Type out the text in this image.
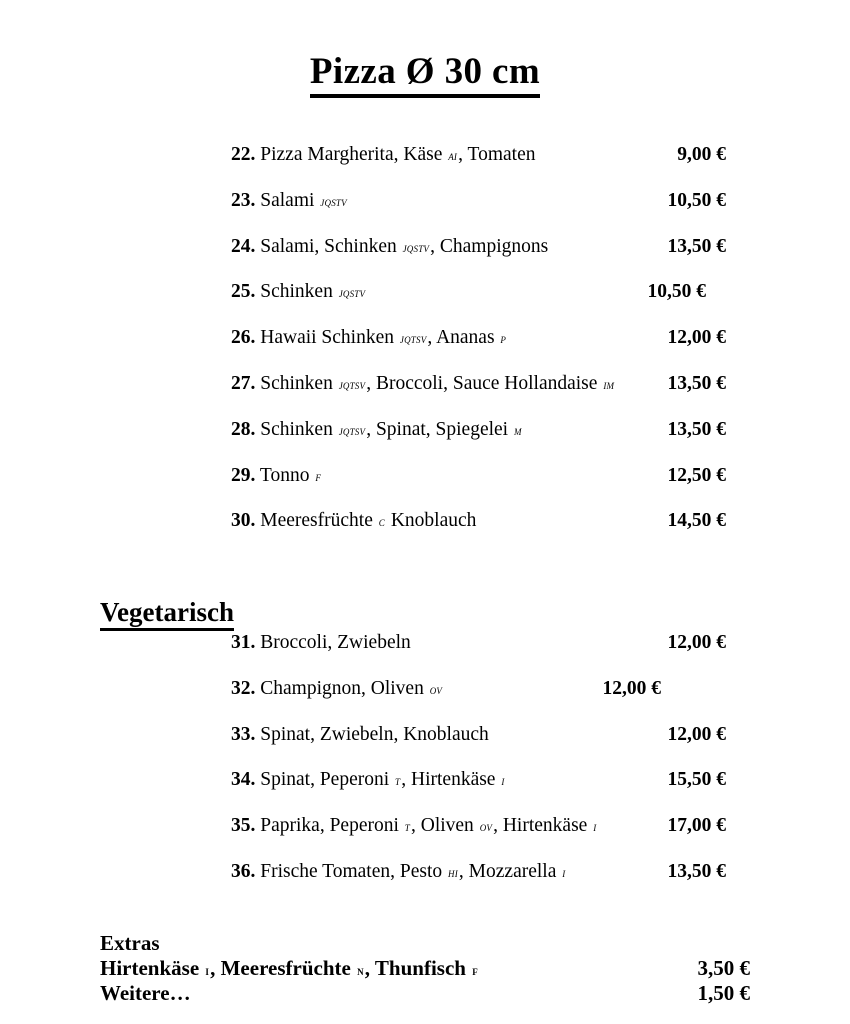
Pizza Ø 30 cm
22. Pizza Margherita, Käse ai, Tomaten	9,00 €
23. Salami jqstv	10,50 €
24. Salami, Schinken jqstv, Champignons	13,50 €
25. Schinken jqstv	10,50 €
26. Hawaii Schinken jqtsv, Ananas p	12,00 €
27. Schinken jqtsv, Broccoli, Sauce Hollandaise im	13,50 €
28. Schinken jqtsv, Spinat, Spiegelei m	13,50 €
29. Tonno f	12,50 €
30. Meeresfrüchte c Knoblauch	14,50 €
Vegetarisch
31. Broccoli, Zwiebeln	12,00 €
32. Champignon, Oliven ov	12,00 €
33. Spinat, Zwiebeln, Knoblauch	12,00 €
34. Spinat, Peperoni t, Hirtenkäse i	15,50 €
35. Paprika, Peperoni t, Oliven ov, Hirtenkäse i	17,00 €
36. Frische Tomaten, Pesto hi, Mozzarella i	13,50 €
Extras
Hirtenkäse i, Meeresfrüchte n, Thunfisch f	3,50 €
Weitere…	1,50 €
